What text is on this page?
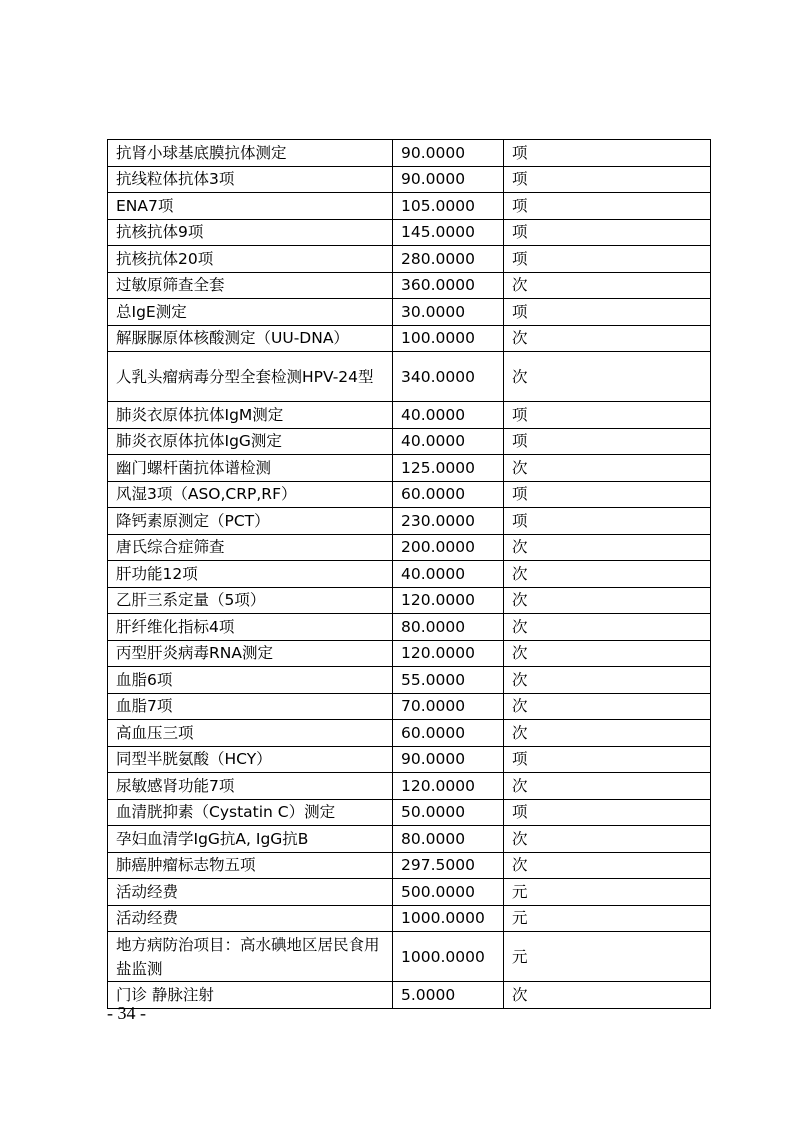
抗肾小球基底膜抗体测定	90.0000	项
抗线粒体抗体3项	90.0000	项
ENA7项	105.0000	项
抗核抗体9项	145.0000	项
抗核抗体20项	280.0000	项
过敏原筛查全套	360.0000	次
总IgE测定	30.0000	项
解脲脲原体核酸测定（UU-DNA）	100.0000	次
人乳头瘤病毒分型全套检测HPV-24型	340.0000	次
肺炎衣原体抗体IgM测定	40.0000	项
肺炎衣原体抗体IgG测定	40.0000	项
幽门螺杆菌抗体谱检测	125.0000	次
风湿3项（ASO,CRP,RF）	60.0000	项
降钙素原测定（PCT）	230.0000	项
唐氏综合症筛查	200.0000	次
肝功能12项	40.0000	次
乙肝三系定量（5项）	120.0000	次
肝纤维化指标4项	80.0000	次
丙型肝炎病毒RNA测定	120.0000	次
血脂6项	55.0000	次
血脂7项	70.0000	次
高血压三项	60.0000	次
同型半胱氨酸（HCY）	90.0000	项
尿敏感肾功能7项	120.0000	次
血清胱抑素（Cystatin C）测定	50.0000	项
孕妇血清学IgG抗A, IgG抗B	80.0000	次
肺癌肿瘤标志物五项	297.5000	次
活动经费	500.0000	元
活动经费	1000.0000	元
地方病防治项目：高水碘地区居民食用盐监测	1000.0000	元
门诊 静脉注射	5.0000	次
- 34 -
